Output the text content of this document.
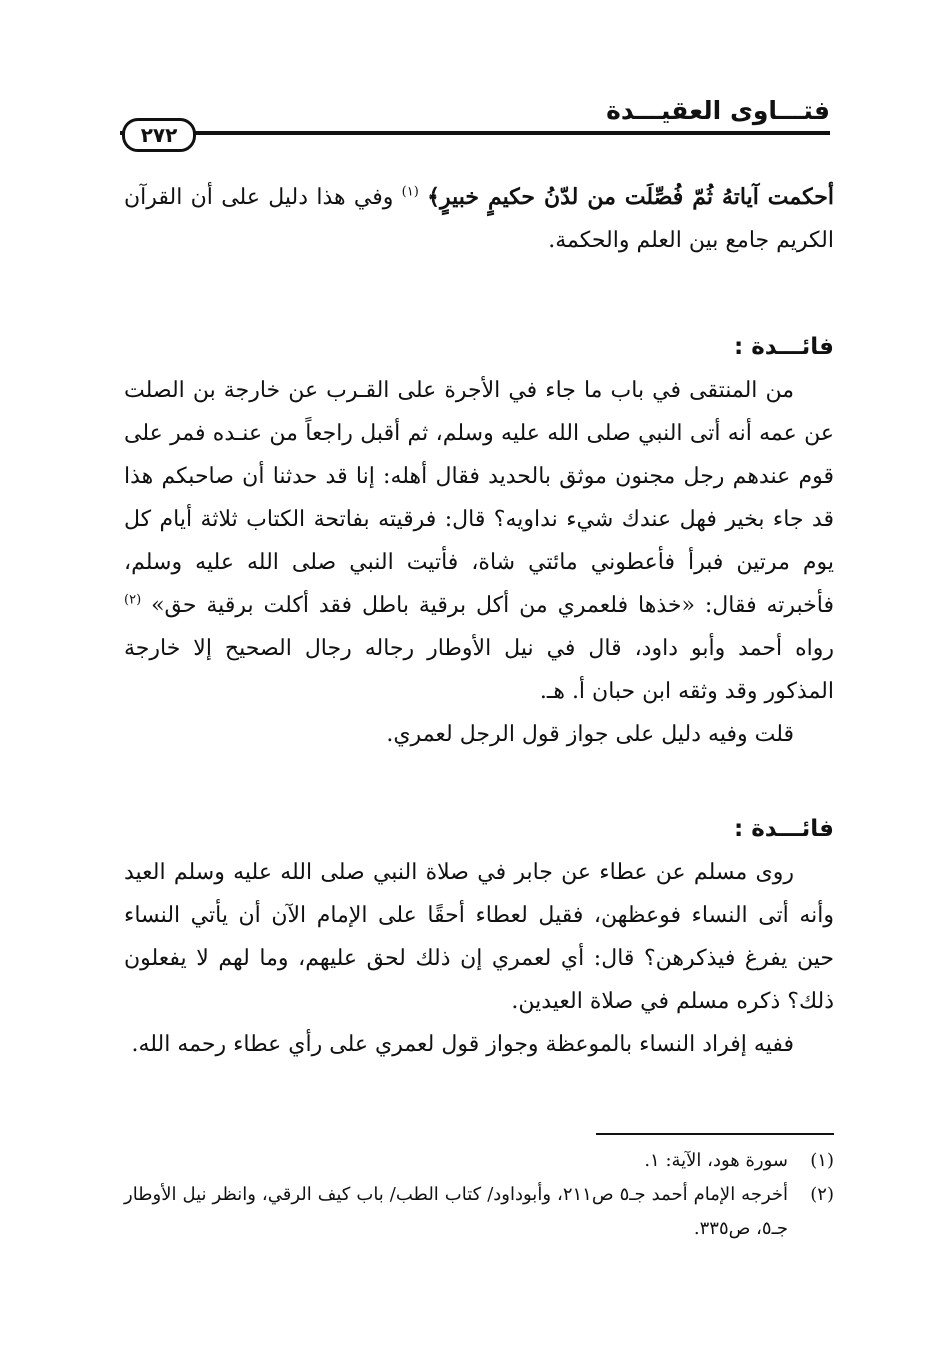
فتـــاوى العقيـــدة
٢٧٢

أحكمت آياتهُ ثُمّ فُصِّلَت من لدّنُ حكيمٍ خبيرٍ﴾ $^{(١)}$ وفي هذا دليل على أن القرآن الكريم جامع بين العلم والحكمة.

فائـــدة :

من المنتقى في باب ما جاء في الأجرة على القـرب عن خارجة بن الصلت عن عمه أنه أتى النبي صلى الله عليه وسلم، ثم أقبل راجعاً من عنـده فمر على قوم عندهم رجل مجنون موثق بالحديد فقال أهله: إنا قد حدثنا أن صاحبكم هذا قد جاء بخير فهل عندك شيء نداويه؟ قال: فرقيته بفاتحة الكتاب ثلاثة أيام كل يوم مرتين فبرأ فأعطوني مائتي شاة، فأتيت النبي صلى الله عليه وسلم، فأخبرته فقال: «خذها فلعمري من أكل برقية باطل فقد أكلت برقية حق» $^{(٢)}$ رواه أحمد وأبو داود، قال في نيل الأوطار رجاله رجال الصحيح إلا خارجة المذكور وقد وثقه ابن حبان أ. هـ.

قلت وفيه دليل على جواز قول الرجل لعمري.

فائـــدة :

روى مسلم عن عطاء عن جابر في صلاة النبي صلى الله عليه وسلم العيد وأنه أتى النساء فوعظهن، فقيل لعطاء أحقًا على الإمام الآن أن يأتي النساء حين يفرغ فيذكرهن؟ قال: أي لعمري إن ذلك لحق عليهم، وما لهم لا يفعلون ذلك؟ ذكره مسلم في صلاة العيدين.

ففيه إفراد النساء بالموعظة وجواز قول لعمري على رأي عطاء رحمه الله.

(١)
سورة هود، الآية: ١.
(٢)
أخرجه الإمام أحمد جـ٥ ص٢١١، وأبوداود/ كتاب الطب/ باب كيف الرقي، وانظر نيل الأوطار جـ٥، ص٣٣٥.
